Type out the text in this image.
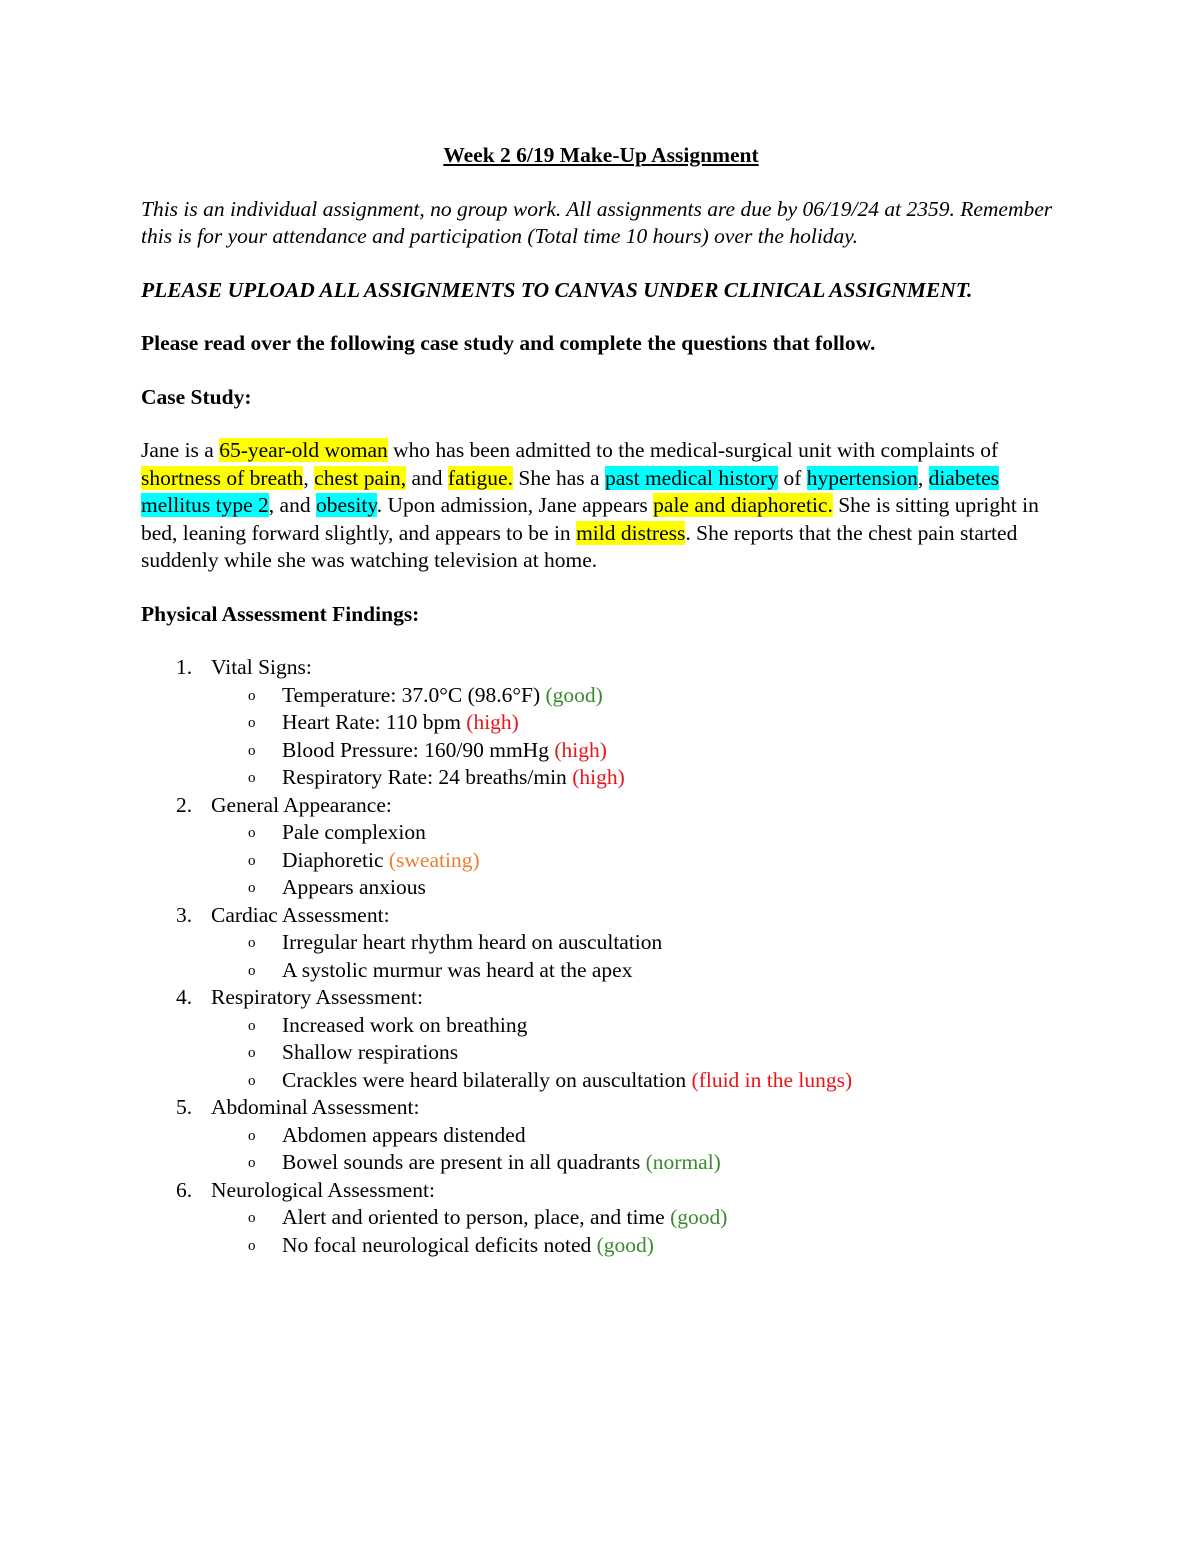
Week 2 6/19 Make-Up Assignment

This is an individual assignment, no group work. All assignments are due by 06/19/24 at 2359. Remember this is for your attendance and participation (Total time 10 hours) over the holiday.

PLEASE UPLOAD ALL ASSIGNMENTS TO CANVAS UNDER CLINICAL ASSIGNMENT.

Please read over the following case study and complete the questions that follow.

Case Study:

Jane is a 65-year-old woman who has been admitted to the medical-surgical unit with complaints of shortness of breath, chest pain, and fatigue. She has a past medical history of hypertension, diabetes mellitus type 2, and obesity. Upon admission, Jane appears pale and diaphoretic. She is sitting upright in bed, leaning forward slightly, and appears to be in mild distress. She reports that the chest pain started suddenly while she was watching television at home.

Physical Assessment Findings:

1. Vital Signs:
o Temperature: 37.0°C (98.6°F) (good)
o Heart Rate: 110 bpm (high)
o Blood Pressure: 160/90 mmHg (high)
o Respiratory Rate: 24 breaths/min (high)
2. General Appearance:
o Pale complexion
o Diaphoretic (sweating)
o Appears anxious
3. Cardiac Assessment:
o Irregular heart rhythm heard on auscultation
o A systolic murmur was heard at the apex
4. Respiratory Assessment:
o Increased work on breathing
o Shallow respirations
o Crackles were heard bilaterally on auscultation (fluid in the lungs)
5. Abdominal Assessment:
o Abdomen appears distended
o Bowel sounds are present in all quadrants (normal)
6. Neurological Assessment:
o Alert and oriented to person, place, and time (good)
o No focal neurological deficits noted (good)
